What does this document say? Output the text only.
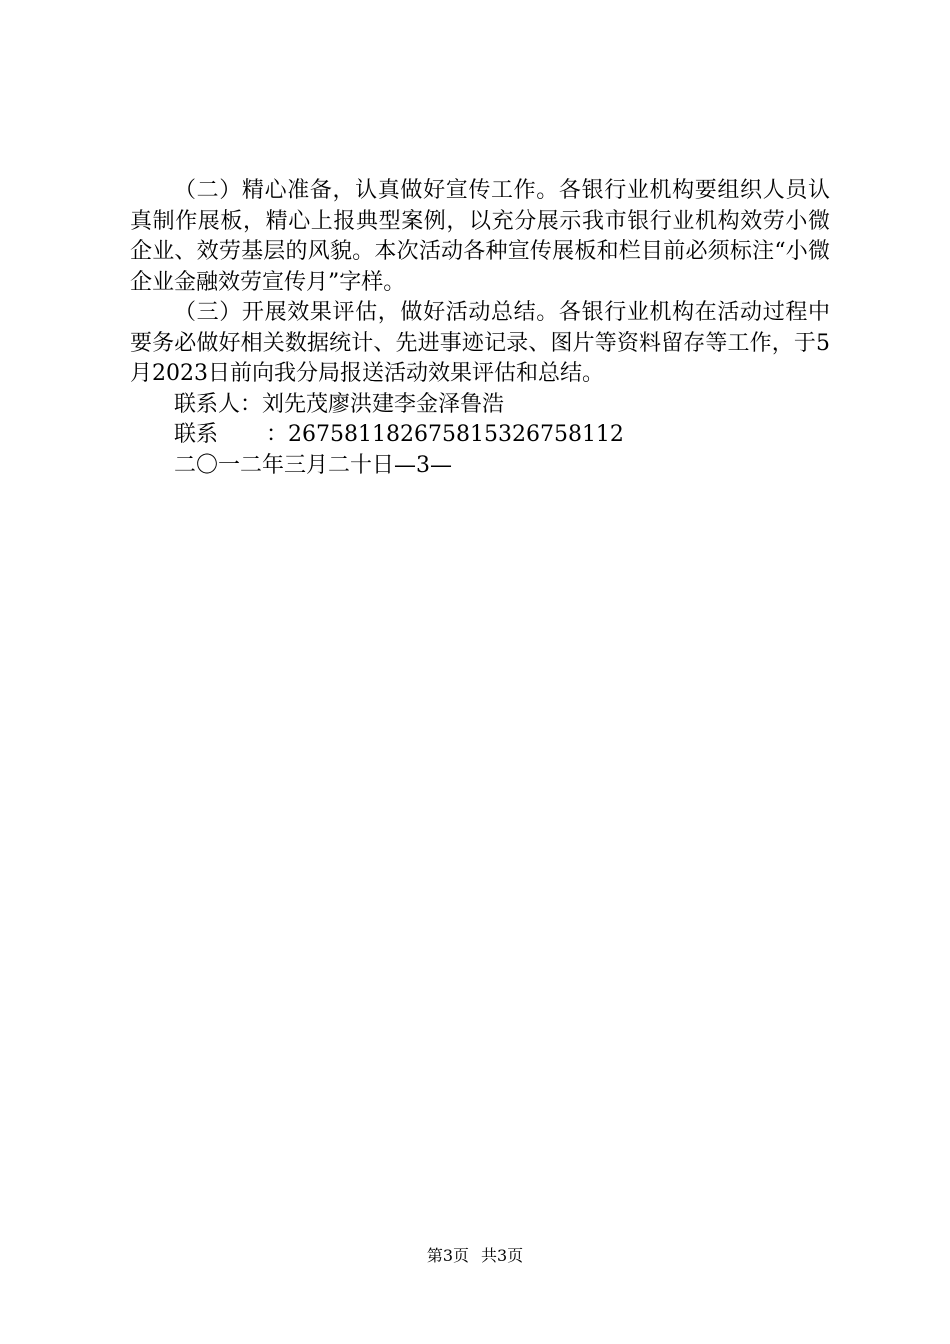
（二）精心准备，认真做好宣传工作。各银行业机构要组织人员认真制作展板，精心上报典型案例，以充分展示我市银行业机构效劳小微企业、效劳基层的风貌。本次活动各种宣传展板和栏目前必须标注“小微企业金融效劳宣传月”字样。

（三）开展效果评估，做好活动总结。各银行业机构在活动过程中要务必做好相关数据统计、先进事迹记录、图片等资料留存等工作，于5月2023日前向我分局报送活动效果评估和总结。

联系人：刘先茂廖洪建李金泽鲁浩

联系 ：267581182675815326758112

二〇一二年三月二十日—3—

第3页 共3页
